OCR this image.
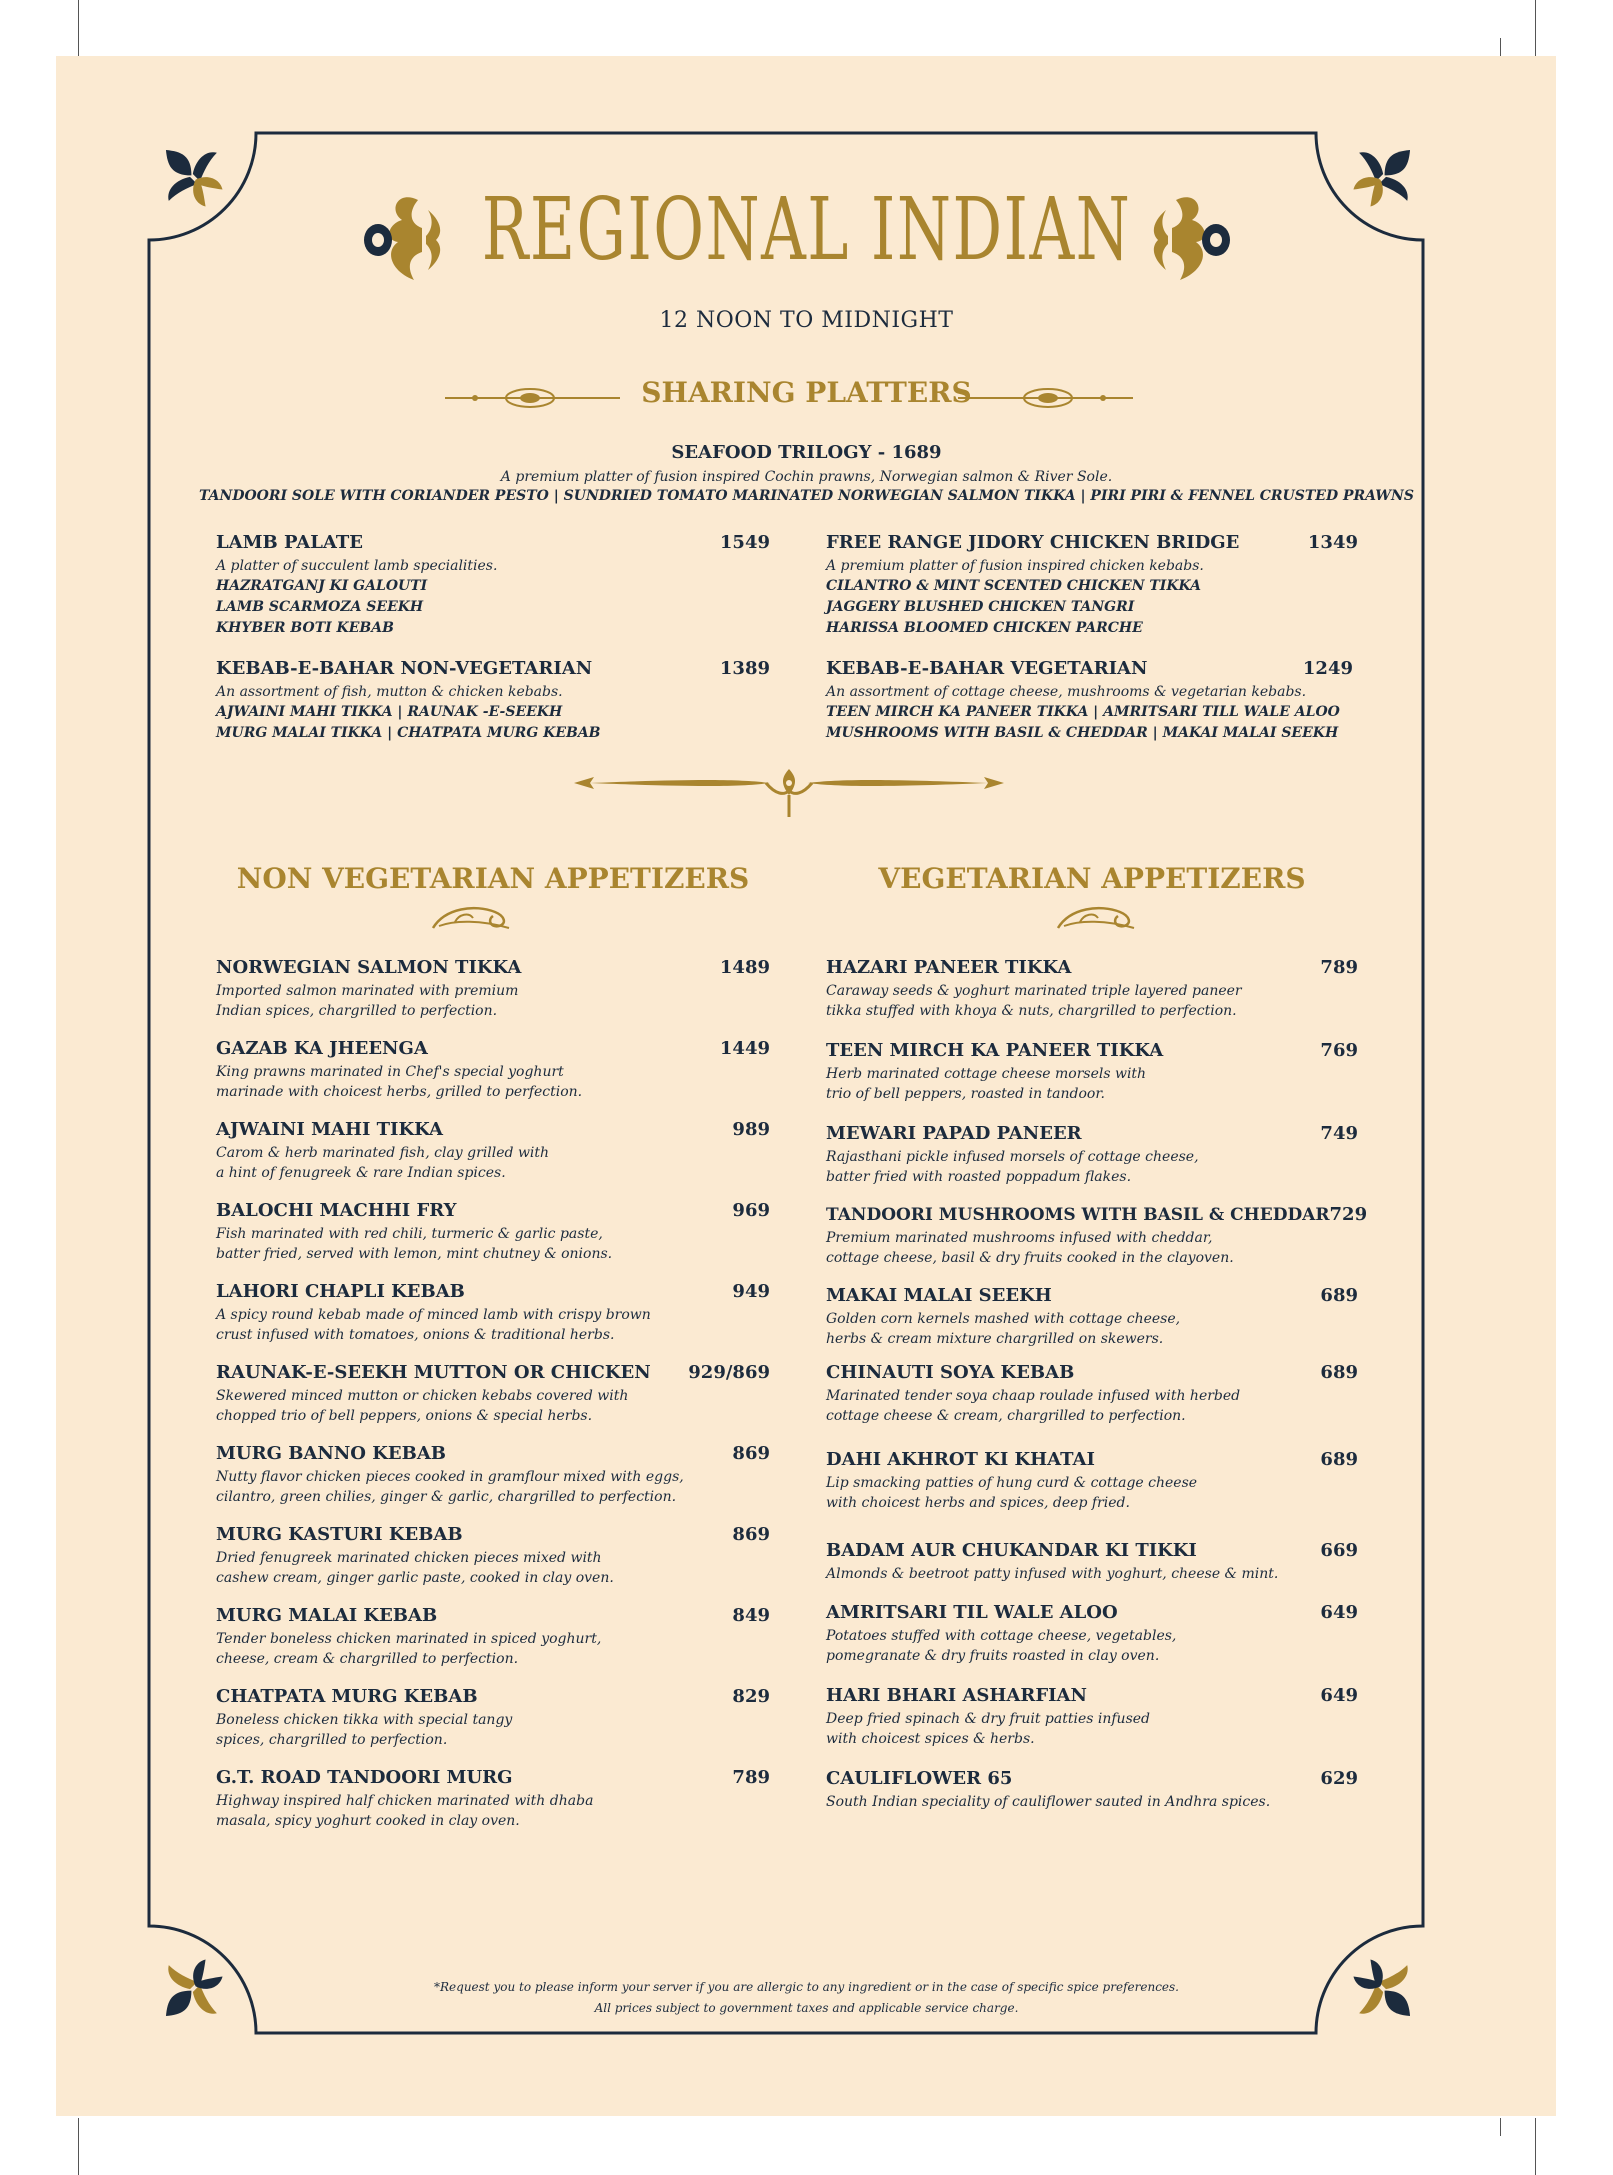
REGIONAL INDIAN
12 NOON TO MIDNIGHT
SHARING PLATTERS
SEAFOOD TRILOGY - 1689
A premium platter of fusion inspired Cochin prawns, Norwegian salmon & River Sole.
TANDOORI SOLE WITH CORIANDER PESTO | SUNDRIED TOMATO MARINATED NORWEGIAN SALMON TIKKA | PIRI PIRI & FENNEL CRUSTED PRAWNS
LAMB PALATE	1549
A platter of succulent lamb specialities.
HAZRATGANJ KI GALOUTI
LAMB SCARMOZA SEEKH
KHYBER BOTI KEBAB
FREE RANGE JIDORY CHICKEN BRIDGE	1349
A premium platter of fusion inspired chicken kebabs.
CILANTRO & MINT SCENTED CHICKEN TIKKA
JAGGERY BLUSHED CHICKEN TANGRI
HARISSA BLOOMED CHICKEN PARCHE
KEBAB-E-BAHAR NON-VEGETARIAN	1389
An assortment of fish, mutton & chicken kebabs.
AJWAINI MAHI TIKKA | RAUNAK -E-SEEKH
MURG MALAI TIKKA | CHATPATA MURG KEBAB
KEBAB-E-BAHAR VEGETARIAN	1249
An assortment of cottage cheese, mushrooms & vegetarian kebabs.
TEEN MIRCH KA PANEER TIKKA | AMRITSARI TILL WALE ALOO
MUSHROOMS WITH BASIL & CHEDDAR | MAKAI MALAI SEEKH
NON VEGETARIAN APPETIZERS	VEGETARIAN APPETIZERS
NORWEGIAN SALMON TIKKA	1489
Imported salmon marinated with premium
Indian spices, chargrilled to perfection.
GAZAB KA JHEENGA	1449
King prawns marinated in Chef's special yoghurt
marinade with choicest herbs, grilled to perfection.
AJWAINI MAHI TIKKA	989
Carom & herb marinated fish, clay grilled with
a hint of fenugreek & rare Indian spices.
BALOCHI MACHHI FRY	969
Fish marinated with red chili, turmeric & garlic paste,
batter fried, served with lemon, mint chutney & onions.
LAHORI CHAPLI KEBAB	949
A spicy round kebab made of minced lamb with crispy brown
crust infused with tomatoes, onions & traditional herbs.
RAUNAK-E-SEEKH MUTTON OR CHICKEN 929/869
Skewered minced mutton or chicken kebabs covered with
chopped trio of bell peppers, onions & special herbs.
MURG BANNO KEBAB	869
Nutty flavor chicken pieces cooked in gramflour mixed with eggs,
cilantro, green chilies, ginger & garlic, chargrilled to perfection.
MURG KASTURI KEBAB	869
Dried fenugreek marinated chicken pieces mixed with
cashew cream, ginger garlic paste, cooked in clay oven.
MURG MALAI KEBAB	849
Tender boneless chicken marinated in spiced yoghurt,
cheese, cream & chargrilled to perfection.
CHATPATA MURG KEBAB	829
Boneless chicken tikka with special tangy
spices, chargrilled to perfection.
G.T. ROAD TANDOORI MURG	789
Highway inspired half chicken marinated with dhaba
masala, spicy yoghurt cooked in clay oven.
HAZARI PANEER TIKKA	789
Caraway seeds & yoghurt marinated triple layered paneer
tikka stuffed with khoya & nuts, chargrilled to perfection.
TEEN MIRCH KA PANEER TIKKA	769
Herb marinated cottage cheese morsels with
trio of bell peppers, roasted in tandoor.
MEWARI PAPAD PANEER	749
Rajasthani pickle infused morsels of cottage cheese,
batter fried with roasted poppadum flakes.
TANDOORI MUSHROOMS WITH BASIL & CHEDDAR 729
Premium marinated mushrooms infused with cheddar,
cottage cheese, basil & dry fruits cooked in the clayoven.
MAKAI MALAI SEEKH	689
Golden corn kernels mashed with cottage cheese,
herbs & cream mixture chargrilled on skewers.
CHINAUTI SOYA KEBAB	689
Marinated tender soya chaap roulade infused with herbed
cottage cheese & cream, chargrilled to perfection.
DAHI AKHROT KI KHATAI	689
Lip smacking patties of hung curd & cottage cheese
with choicest herbs and spices, deep fried.
BADAM AUR CHUKANDAR KI TIKKI	669
Almonds & beetroot patty infused with yoghurt, cheese & mint.
AMRITSARI TIL WALE ALOO	649
Potatoes stuffed with cottage cheese, vegetables,
pomegranate & dry fruits roasted in clay oven.
HARI BHARI ASHARFIAN	649
Deep fried spinach & dry fruit patties infused
with choicest spices & herbs.
CAULIFLOWER 65	629
South Indian speciality of cauliflower sauted in Andhra spices.
*Request you to please inform your server if you are allergic to any ingredient or in the case of specific spice preferences.
All prices subject to government taxes and applicable service charge.
